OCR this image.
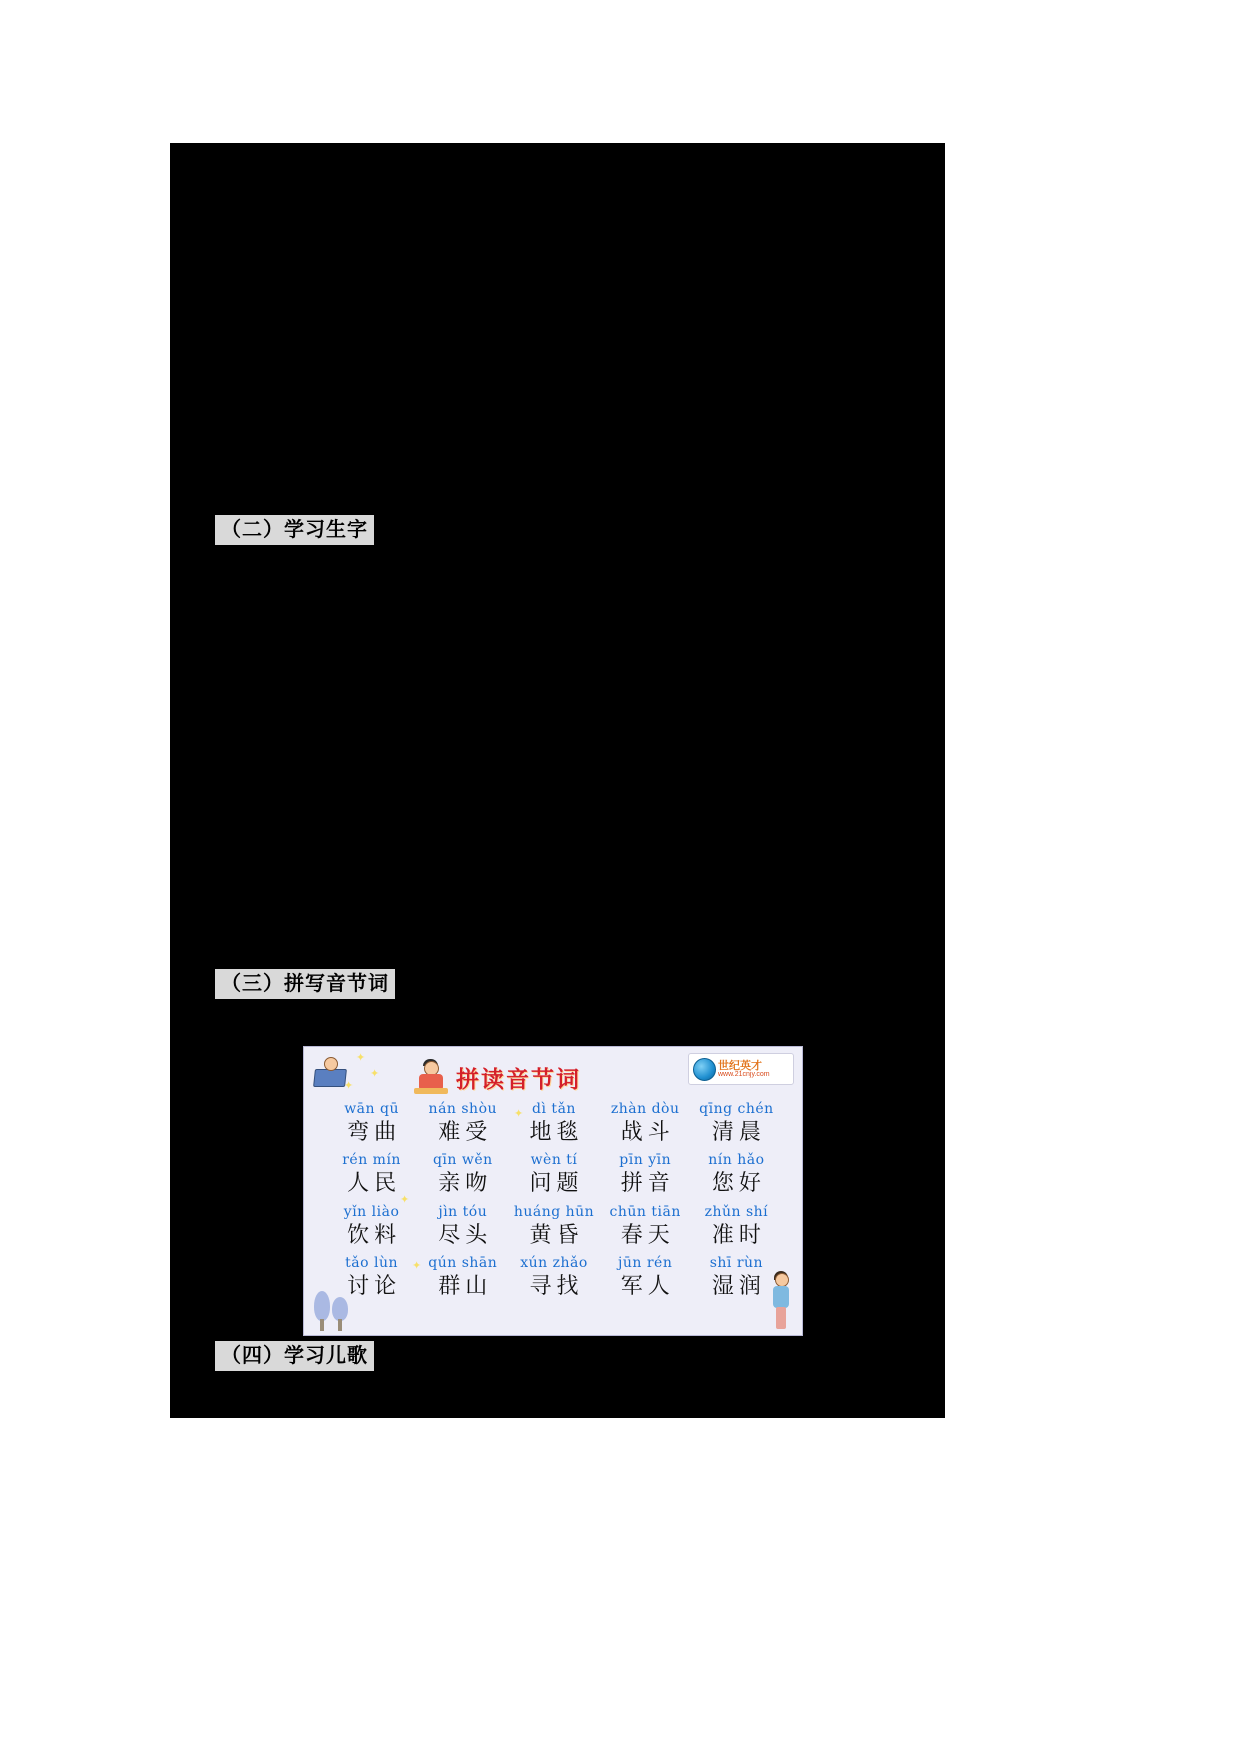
（二）学习生字
（三）拼写音节词
（四）学习儿歌
✦
✦
✦
✦
✦
✦
拼读音节词
世纪英才
www.21cnjy.com
wān qū
弯曲
nán shòu
难受
dì tǎn
地毯
zhàn dòu
战斗
qīng chén
清晨
rén mín
人民
qīn wěn
亲吻
wèn tí
问题
pīn yīn
拼音
nín hǎo
您好
yǐn liào
饮料
jìn tóu
尽头
huáng hūn
黄昏
chūn tiān
春天
zhǔn shí
准时
tǎo lùn
讨论
qún shān
群山
xún zhǎo
寻找
jūn rén
军人
shī rùn
湿润
